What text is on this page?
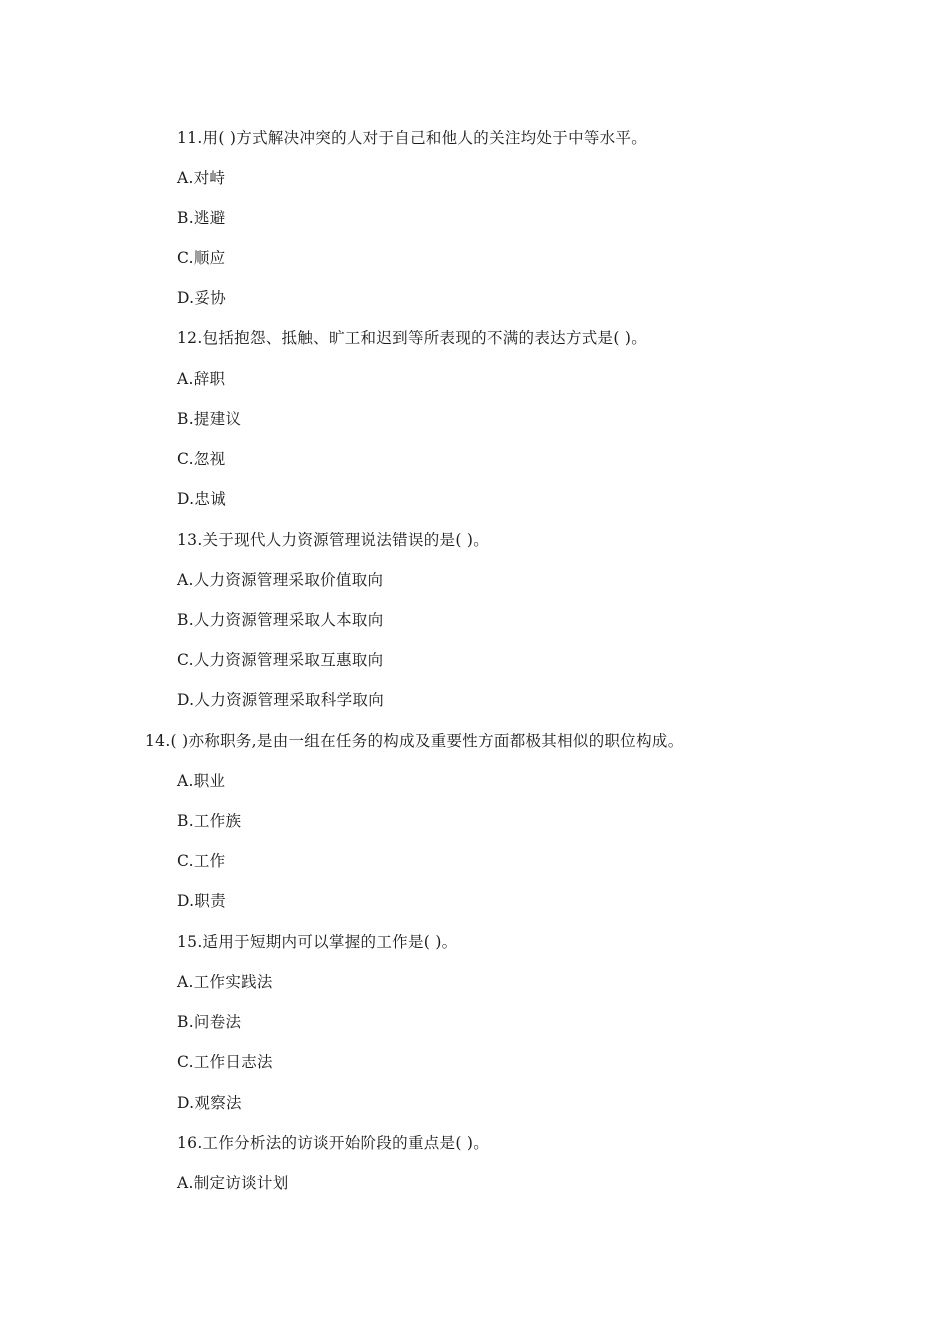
11.用( )方式解决冲突的人对于自己和他人的关注均处于中等水平。
A.对峙
B.逃避
C.顺应
D.妥协
12.包括抱怨、抵触、旷工和迟到等所表现的不满的表达方式是( )。
A.辞职
B.提建议
C.忽视
D.忠诚
13.关于现代人力资源管理说法错误的是( )。
A.人力资源管理采取价值取向
B.人力资源管理采取人本取向
C.人力资源管理采取互惠取向
D.人力资源管理采取科学取向
14.( )亦称职务,是由一组在任务的构成及重要性方面都极其相似的职位构成。
A.职业
B.工作族
C.工作
D.职责
15.适用于短期内可以掌握的工作是( )。
A.工作实践法
B.问卷法
C.工作日志法
D.观察法
16.工作分析法的访谈开始阶段的重点是( )。
A.制定访谈计划
